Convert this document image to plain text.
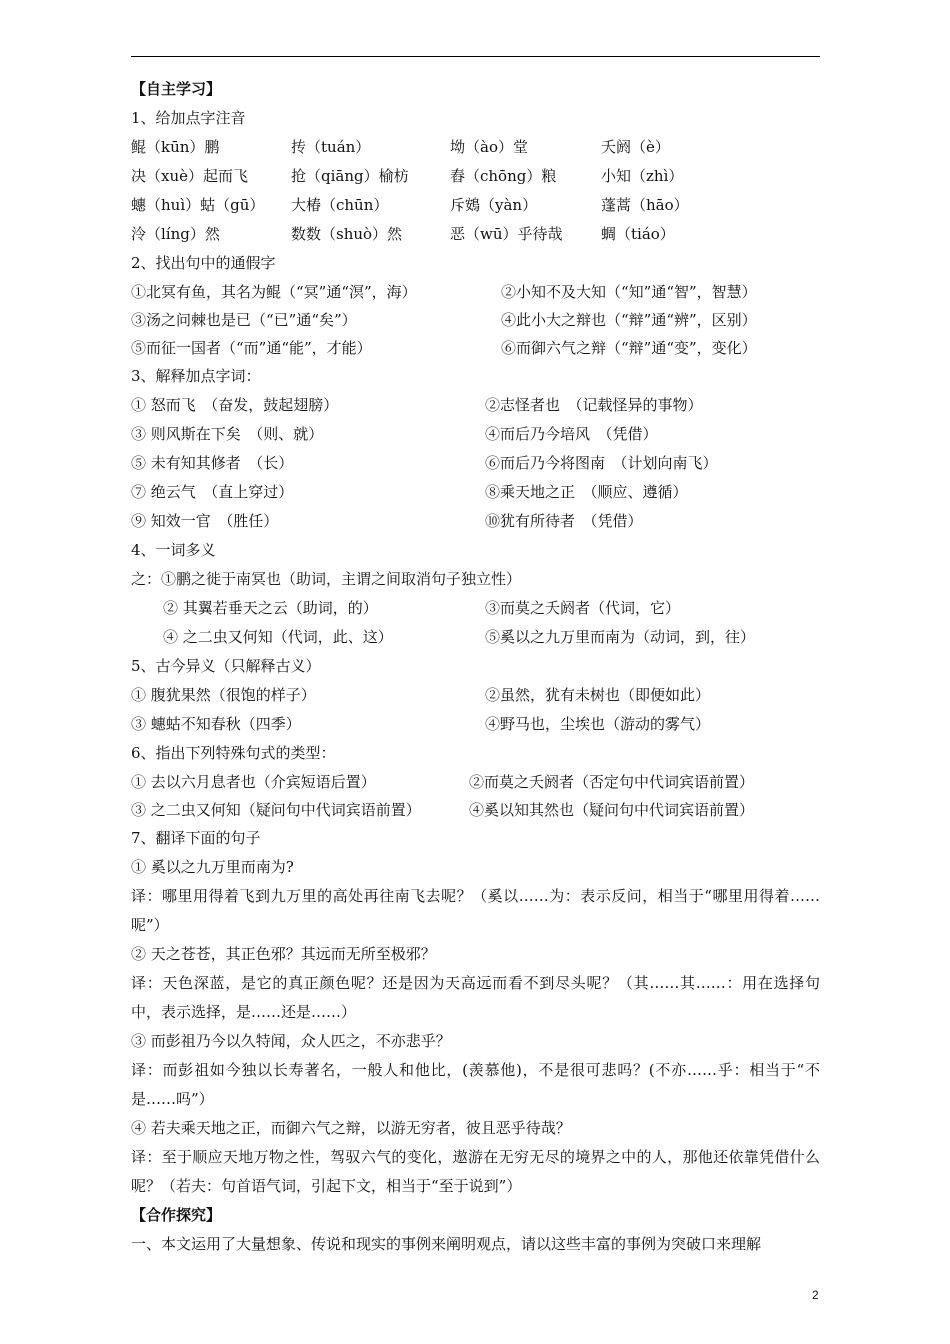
【自主学习】
1、给加点字注音
鲲（kūn）鹏	抟（tuán）	坳（ào）堂	夭阏（è）
决（xuè）起而飞	抢（qiāng）榆枋	舂（chōng）粮	小知（zhì）
蟪（huì）蛄（gū） 大椿（chūn）	斥鴳（yàn）	蓬蒿（hāo）
泠（líng）然	数数（shuò）然	恶（wū）乎待哉	蜩（tiáo）
2、找出句中的通假字
①北冥有鱼，其名为鲲（“冥”通“溟”，海）	②小知不及大知（“知”通“智”，智慧）
③汤之问棘也是已（“已”通“矣”）	④此小大之辩也（“辩”通“辨”，区别）
⑤而征一国者（“而”通“能”，才能）	⑥而御六气之辩（“辩”通“变”，变化）
3、解释加点字词：
① 怒而飞　（奋发，鼓起翅膀）	②志怪者也　（记载怪异的事物）
③ 则风斯在下矣　（则、就）	④而后乃今培风　（凭借）
⑤ 未有知其修者　（长）	⑥而后乃今将图南　（计划向南飞）
⑦ 绝云气　（直上穿过）	⑧乘天地之正　（顺应、遵循）
⑨ 知效一官　（胜任）	⑩犹有所待者　（凭借）
4、一词多义
之：①鹏之徙于南冥也（助词，主谓之间取消句子独立性）
② 其翼若垂天之云（助词，的）	③而莫之夭阏者（代词，它）
④ 之二虫又何知（代词，此、这）	⑤奚以之九万里而南为（动词，到，往）
5、古今异义（只解释古义）
① 腹犹果然（很饱的样子）	②虽然，犹有未树也（即便如此）
③ 蟪蛄不知春秋（四季）	④野马也，尘埃也（游动的雾气）
6、指出下列特殊句式的类型：
① 去以六月息者也（介宾短语后置）	②而莫之夭阏者（否定句中代词宾语前置）
③ 之二虫又何知（疑问句中代词宾语前置）	④奚以知其然也（疑问句中代词宾语前置）
7、翻译下面的句子
① 奚以之九万里而南为?
译：哪里用得着飞到九万里的高处再往南飞去呢？（奚以……为：表示反问，相当于“哪里用得着……呢”）
② 天之苍苍，其正色邪？其远而无所至极邪？
译：天色深蓝，是它的真正颜色呢？还是因为天高远而看不到尽头呢？（其……其……：用在选择句中，表示选择，是……还是……）
③ 而彭祖乃今以久特闻，众人匹之，不亦悲乎？
译：而彭祖如今独以长寿著名，一般人和他比，(羡慕他)，不是很可悲吗？(不亦……乎：相当于“不是……吗”）
④ 若夫乘天地之正，而御六气之辩，以游无穷者，彼且恶乎待哉？
译：至于顺应天地万物之性，驾驭六气的变化，遨游在无穷无尽的境界之中的人，那他还依靠凭借什么呢？（若夫：句首语气词，引起下文，相当于“至于说到”）
【合作探究】
一、本文运用了大量想象、传说和现实的事例来阐明观点，请以这些丰富的事例为突破口来理解
2
